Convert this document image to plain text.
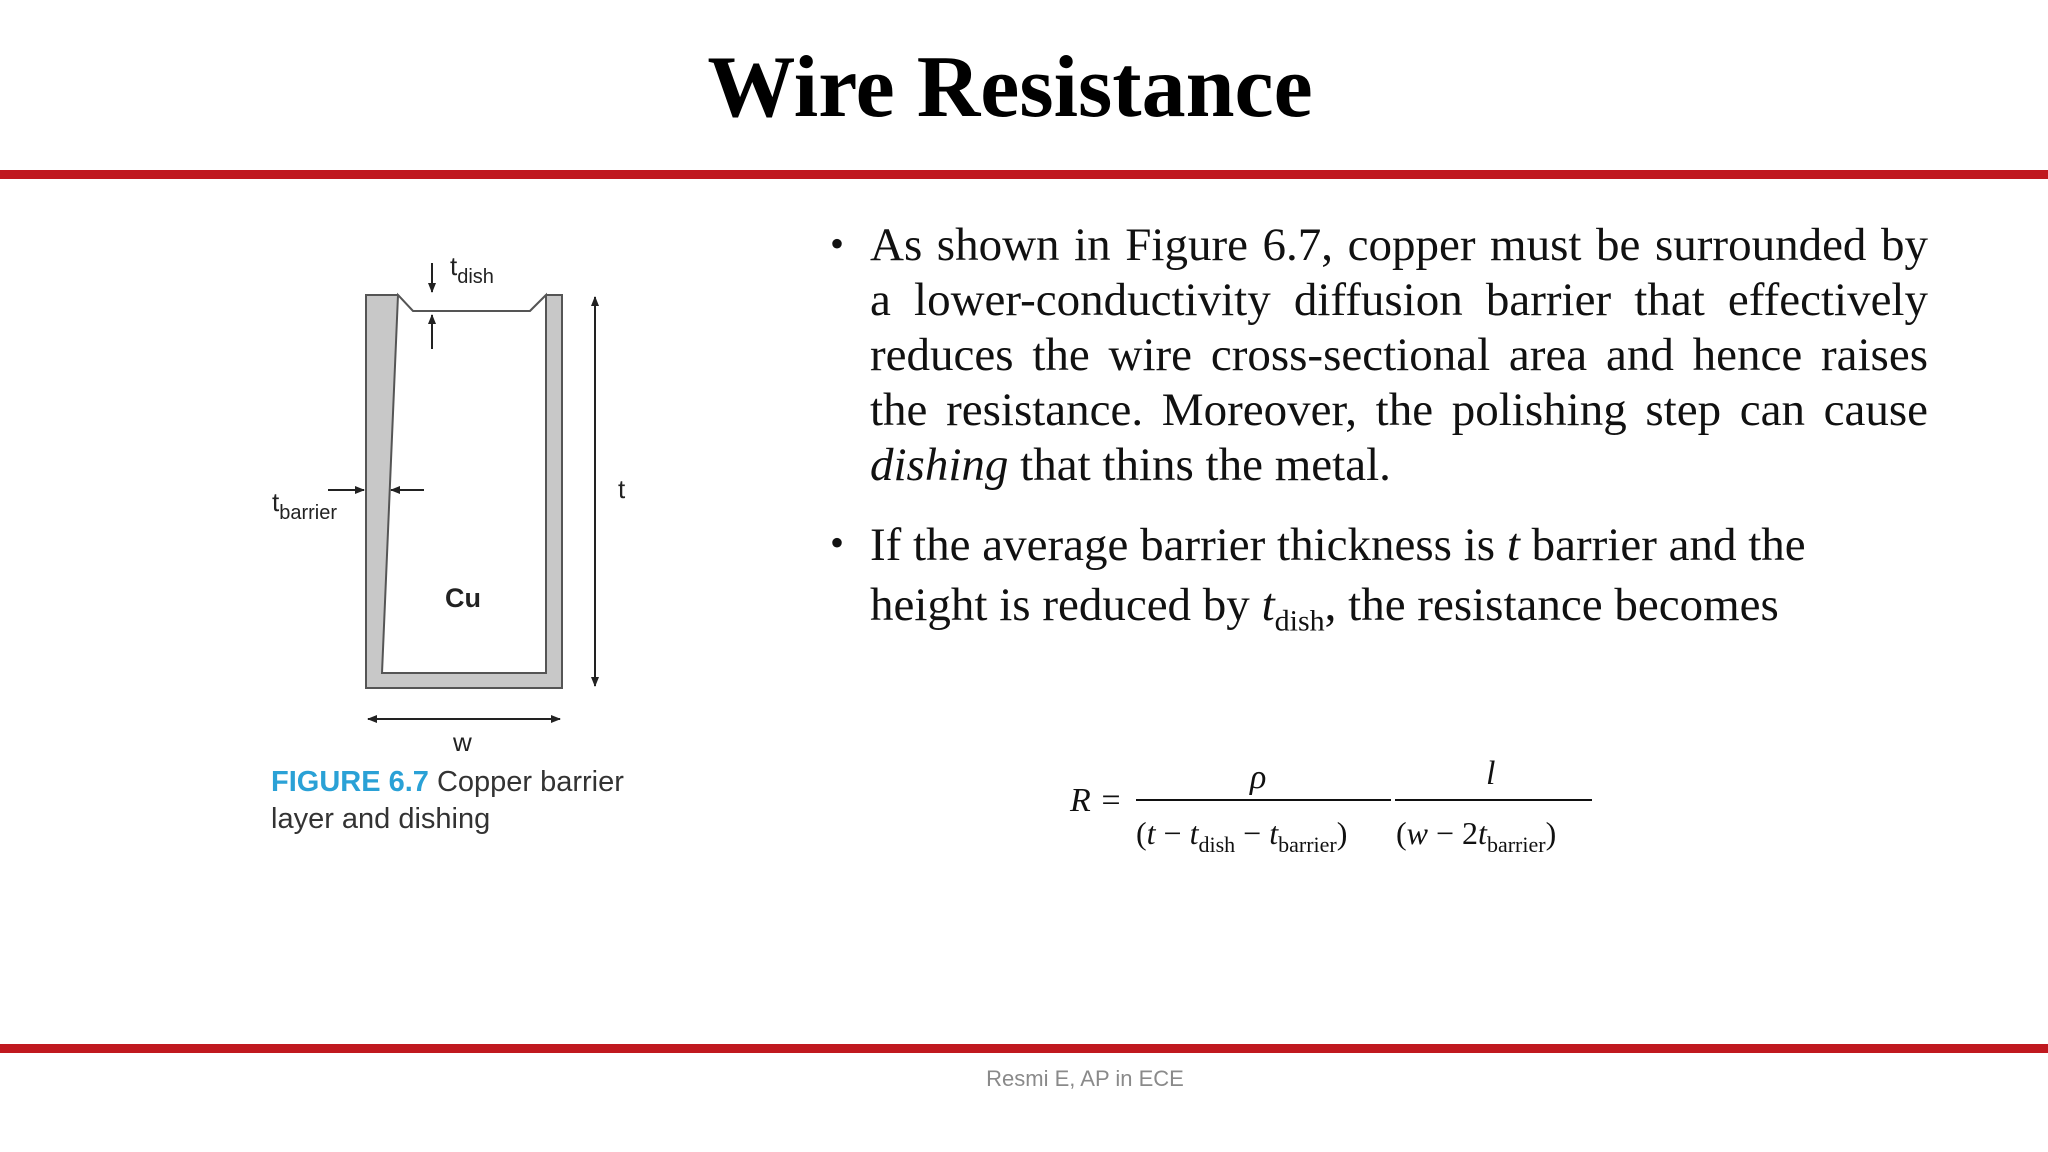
Wire Resistance
$t_{dish}$
$t_{barrier}$
t
w
Cu
FIGURE 6.7 Copper barrier layer and dishing
• As shown in Figure 6.7, copper must be surrounded by a lower-conductivity diffusion barrier that effectively reduces the wire cross-sectional area and hence raises the resistance. Moreover, the polishing step can cause dishing that thins the metal.
• If the average barrier thickness is t barrier and the height is reduced by $t_{dish}$, the resistance becomes
R =
ρ
$(t - t_{dish} - t_{barrier})$
l
$(w - 2t_{barrier})$
Resmi E, AP in ECE
